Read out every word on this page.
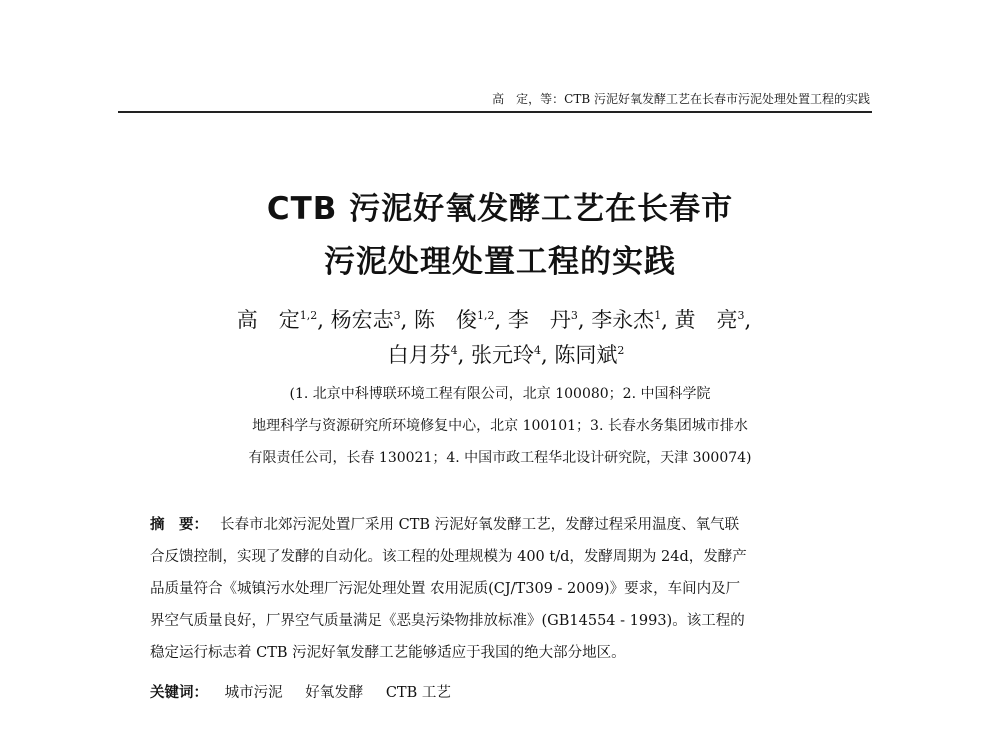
高　定，等：CTB 污泥好氧发酵工艺在长春市污泥处理处置工程的实践
CTB 污泥好氧发酵工艺在长春市
污泥处理处置工程的实践
高　定$^{1,2}$, 杨宏志$^3$, 陈　俊$^{1,2}$, 李　丹$^3$, 李永杰$^1$, 黄　亮$^3$,
白月芬$^4$, 张元玲$^4$, 陈同斌$^2$
(1. 北京中科博联环境工程有限公司，北京 100080；2. 中国科学院
地理科学与资源研究所环境修复中心，北京 100101；3. 长春水务集团城市排水
有限责任公司，长春 130021；4. 中国市政工程华北设计研究院，天津 300074)
摘　要： 长春市北郊污泥处置厂采用 CTB 污泥好氧发酵工艺，发酵过程采用温度、氧气联
合反馈控制，实现了发酵的自动化。该工程的处理规模为 400 t/d，发酵周期为 24d，发酵产
品质量符合《城镇污水处理厂污泥处理处置 农用泥质(CJ/T309 - 2009)》要求，车间内及厂
界空气质量良好，厂界空气质量满足《恶臭污染物排放标准》(GB14554 - 1993)。该工程的
稳定运行标志着 CTB 污泥好氧发酵工艺能够适应于我国的绝大部分地区。
关键词： 城市污泥 好氧发酵 CTB 工艺
